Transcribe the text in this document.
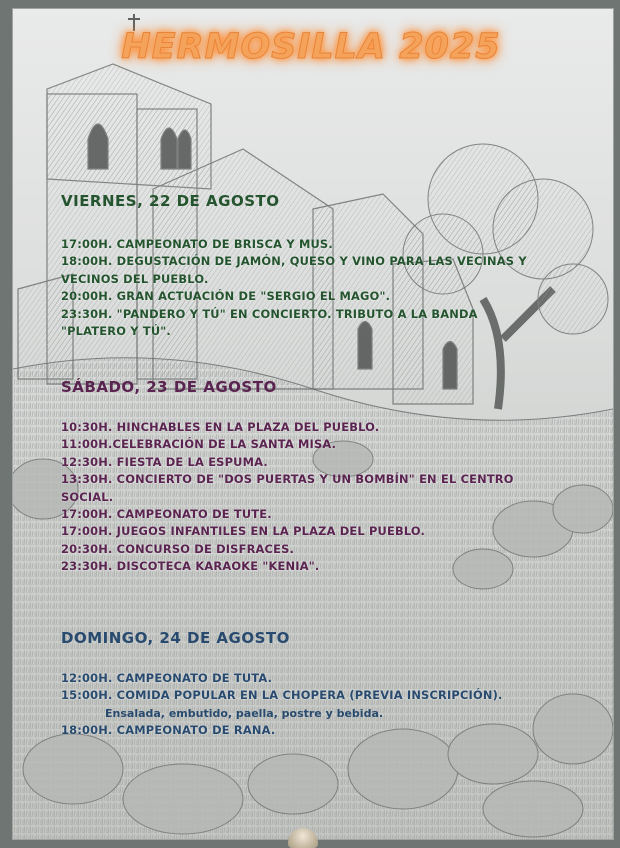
HERMOSILLA 2025
VIERNES, 22 DE AGOSTO
17:00H. CAMPEONATO DE BRISCA Y MUS.
18:00H. DEGUSTACIÓN DE JAMÓN, QUESO Y VINO PARA LAS VECINAS Y
VECINOS DEL PUEBLO.
20:00H. GRAN ACTUACIÓN DE "SERGIO EL MAGO".
23:30H. "PANDERO Y TÚ" EN CONCIERTO. TRIBUTO A LA BANDA
"PLATERO Y TÚ".
SÁBADO, 23 DE AGOSTO
10:30H. HINCHABLES EN LA PLAZA DEL PUEBLO.
11:00H.CELEBRACIÓN DE LA SANTA MISA.
12:30H. FIESTA DE LA ESPUMA.
13:30H. CONCIERTO DE "DOS PUERTAS Y UN BOMBÍN" EN EL CENTRO
SOCIAL.
17:00H. CAMPEONATO DE TUTE.
17:00H. JUEGOS INFANTILES EN LA PLAZA DEL PUEBLO.
20:30H. CONCURSO DE DISFRACES.
23:30H. DISCOTECA KARAOKE "KENIA".
DOMINGO, 24 DE AGOSTO
12:00H. CAMPEONATO DE TUTA.
15:00H. COMIDA POPULAR EN LA CHOPERA (PREVIA INSCRIPCIÓN).
Ensalada, embutido, paella, postre y bebida.
18:00H. CAMPEONATO DE RANA.
